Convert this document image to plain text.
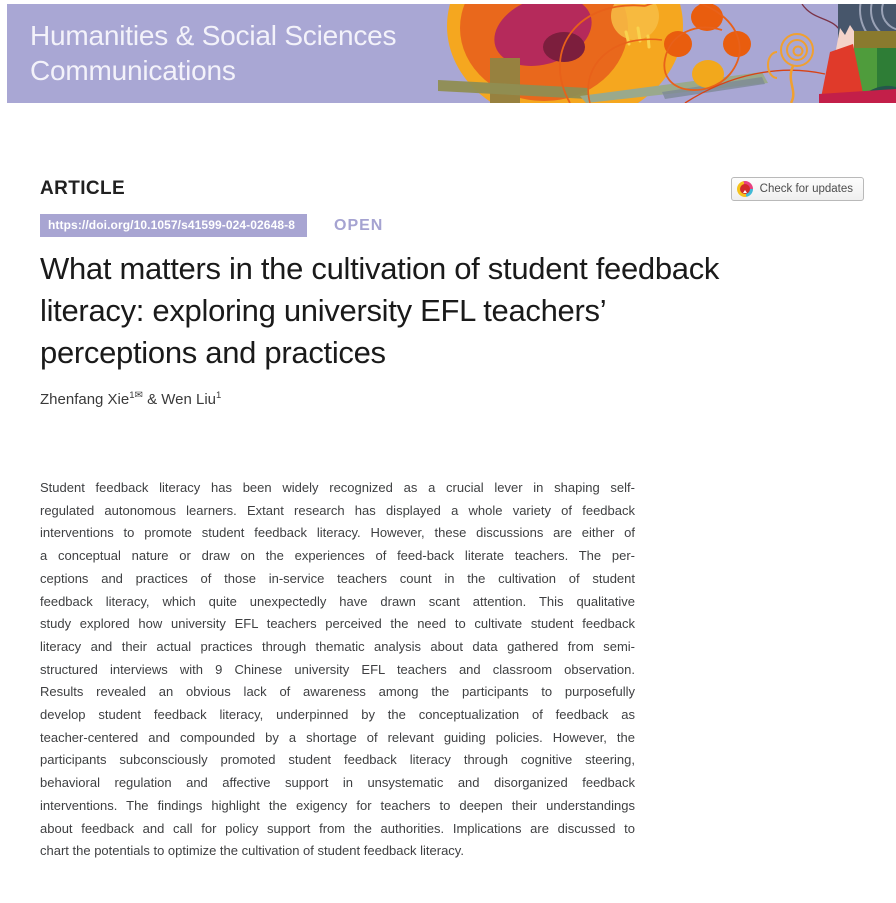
Humanities & Social Sciences
Communications
ARTICLE	Check for updates
https://doi.org/10.1057/s41599-024-02648-8	OPEN
What matters in the cultivation of student feedback
literacy: exploring university EFL teachers’
perceptions and practices

Zhenfang Xie$^{1✉}$ & Wen Liu$^1$

Student feedback literacy has been widely recognized as a crucial lever in shaping self-
regulated autonomous learners. Extant research has displayed a whole variety of feedback
interventions to promote student feedback literacy. However, these discussions are either of
a conceptual nature or draw on the experiences of feed-back literate teachers. The per-
ceptions and practices of those in-service teachers count in the cultivation of student
feedback literacy, which quite unexpectedly have drawn scant attention. This qualitative
study explored how university EFL teachers perceived the need to cultivate student feedback
literacy and their actual practices through thematic analysis about data gathered from semi-
structured interviews with 9 Chinese university EFL teachers and classroom observation.
Results revealed an obvious lack of awareness among the participants to purposefully
develop student feedback literacy, underpinned by the conceptualization of feedback as
teacher-centered and compounded by a shortage of relevant guiding policies. However, the
participants subconsciously promoted student feedback literacy through cognitive steering,
behavioral regulation and affective support in unsystematic and disorganized feedback
interventions. The findings highlight the exigency for teachers to deepen their understandings
about feedback and call for policy support from the authorities. Implications are discussed to
chart the potentials to optimize the cultivation of student feedback literacy.
